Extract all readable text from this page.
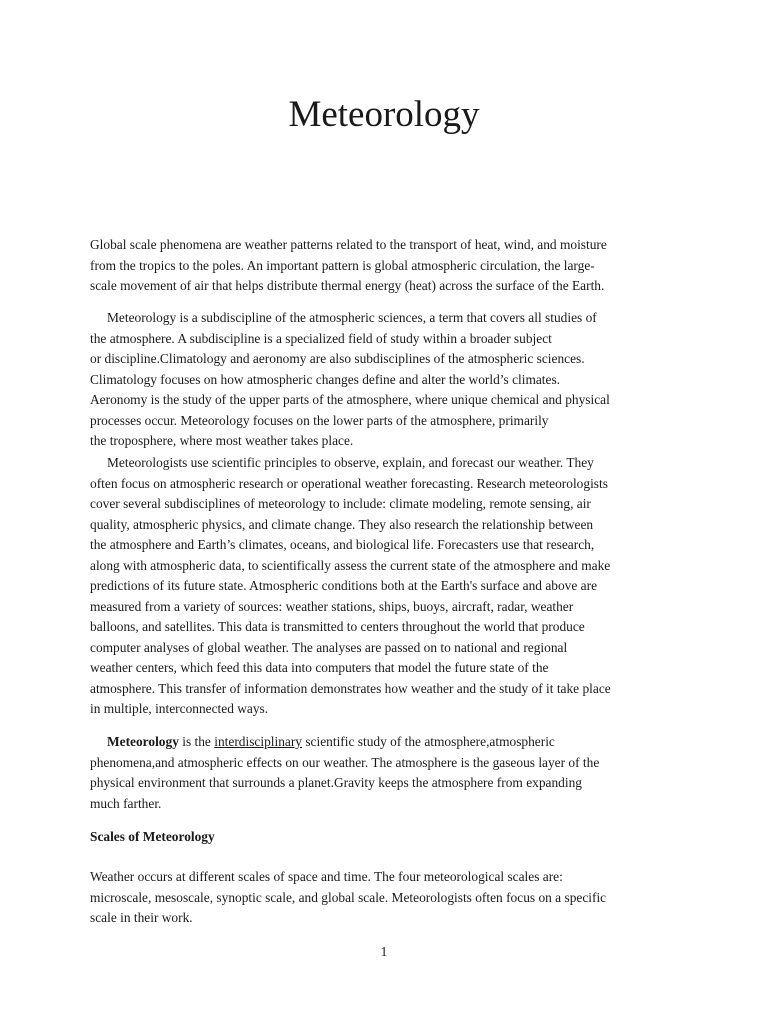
Meteorology

Global scale phenomena are weather patterns related to the transport of heat, wind, and moisture
from the tropics to the poles. An important pattern is global atmospheric circulation, the large-
scale movement of air that helps distribute thermal energy (heat) across the surface of the Earth.

Meteorology is a subdiscipline of the atmospheric sciences, a term that covers all studies of
the atmosphere. A subdiscipline is a specialized field of study within a broader subject
or discipline.Climatology and aeronomy are also subdisciplines of the atmospheric sciences.
Climatology focuses on how atmospheric changes define and alter the world’s climates.
Aeronomy is the study of the upper parts of the atmosphere, where unique chemical and physical
processes occur. Meteorology focuses on the lower parts of the atmosphere, primarily
the troposphere, where most weather takes place.

Meteorologists use scientific principles to observe, explain, and forecast our weather. They
often focus on atmospheric research or operational weather forecasting. Research meteorologists
cover several subdisciplines of meteorology to include: climate modeling, remote sensing, air
quality, atmospheric physics, and climate change. They also research the relationship between
the atmosphere and Earth’s climates, oceans, and biological life. Forecasters use that research,
along with atmospheric data, to scientifically assess the current state of the atmosphere and make
predictions of its future state. Atmospheric conditions both at the Earth's surface and above are
measured from a variety of sources: weather stations, ships, buoys, aircraft, radar, weather
balloons, and satellites. This data is transmitted to centers throughout the world that produce
computer analyses of global weather. The analyses are passed on to national and regional
weather centers, which feed this data into computers that model the future state of the
atmosphere. This transfer of information demonstrates how weather and the study of it take place
in multiple, interconnected ways.

Meteorology is the interdisciplinary scientific study of the atmosphere,atmospheric
phenomena,and atmospheric effects on our weather. The atmosphere is the gaseous layer of the
physical environment that surrounds a planet.Gravity keeps the atmosphere from expanding
much farther.

Scales of Meteorology

Weather occurs at different scales of space and time. The four meteorological scales are:
microscale, mesoscale, synoptic scale, and global scale. Meteorologists often focus on a specific
scale in their work.

1
